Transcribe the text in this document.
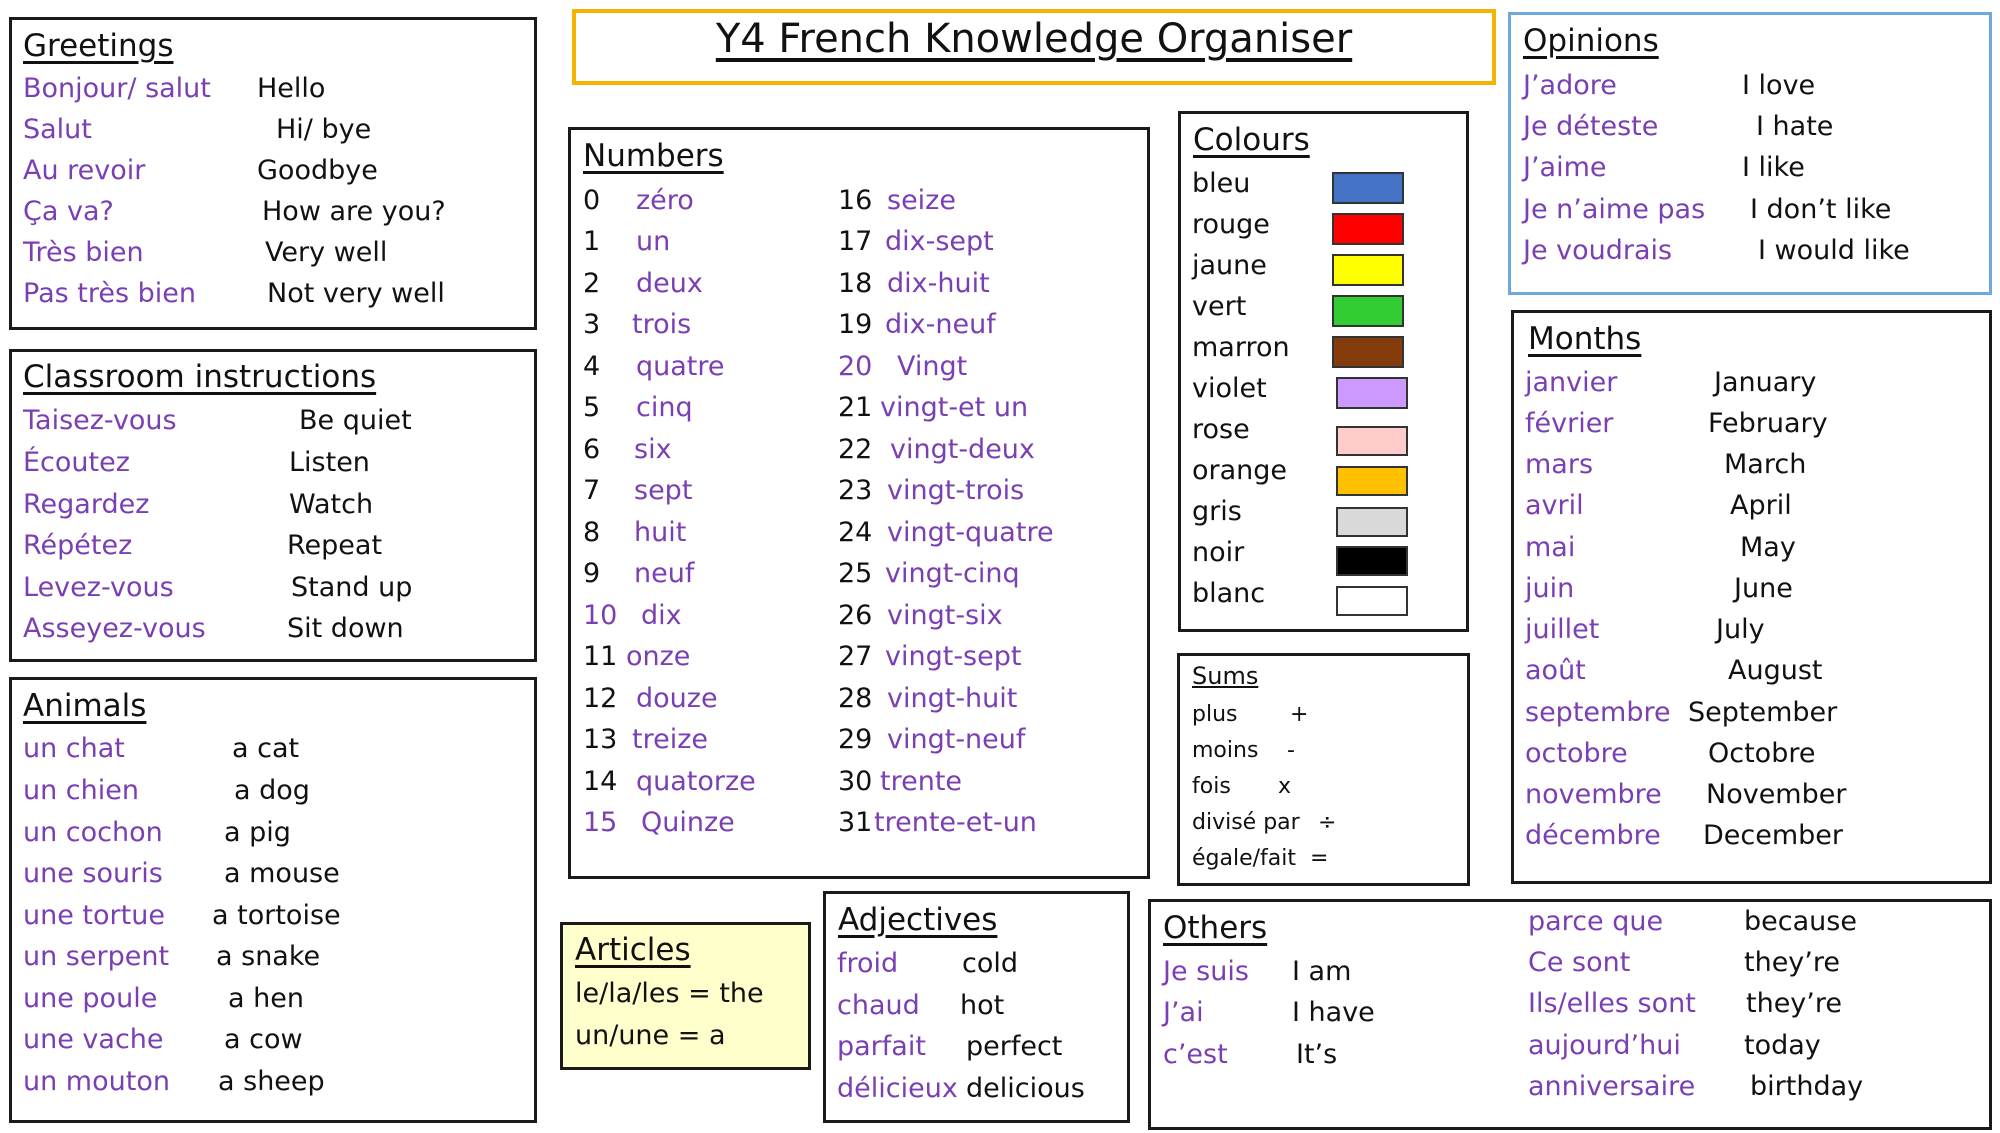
Y4 French Knowledge Organiser
Greetings
Bonjour/ salut Hello
Salut	Hi/ bye
Au revoir	Goodbye
Ça va?	How are you?
Très bien	Very well
Pas très bien	Not very well
Classroom instructions
Taisez-vous	Be quiet
Écoutez	Listen
Regardez	Watch
Répétez	Repeat
Levez-vous	Stand up
Asseyez-vous	Sit down
Animals
un chat	a cat
un chien	a dog
un cochon a pig
une souris a mouse
une tortue a tortoise
un serpent a snake
une poule	a hen
une vache a cow
un mouton a sheep
Numbers
0 zéro
1 un
2 deux
3 trois
4 quatre
5 cinq
6 six
7 sept
8 huit
9 neuf
10 dix
11 onze
12 douze
13 treize
14 quatorze
15 Quinze
16 seize
17 dix-sept
18 dix-huit
19 dix-neuf
20 Vingt
21 vingt-et un
22 vingt-deux
23 vingt-trois
24 vingt-quatre
25 vingt-cinq
26 vingt-six
27 vingt-sept
28 vingt-huit
29 vingt-neuf
30 trente
31 trente-et-un
Colours
bleu
rouge
jaune
vert
marron
violet
rose
orange
gris
noir
blanc
Sums
plus +
moins -
fois x
divisé par ÷
égale/fait =
Opinions
J’adore	I love
Je déteste	I hate
J’aime	I like
Je n’aime pas I don’t like
Je voudrais	I would like
Months
janvier	January
février	February
mars	March
avril	April
mai	May
juin	June
juillet	July
août	August
septembre September
octobre	Octobre
novembre November
décembre December
Articles
le/la/les = the
un/une = a
Adjectives
froid cold
chaud hot
parfait perfect
délicieux delicious
Others
Je suis I am
J’ai	I have
c’est	It’s
parce que	because
Ce sont	they’re
Ils/elles sont they’re
aujourd’hui today
anniversaire birthday
